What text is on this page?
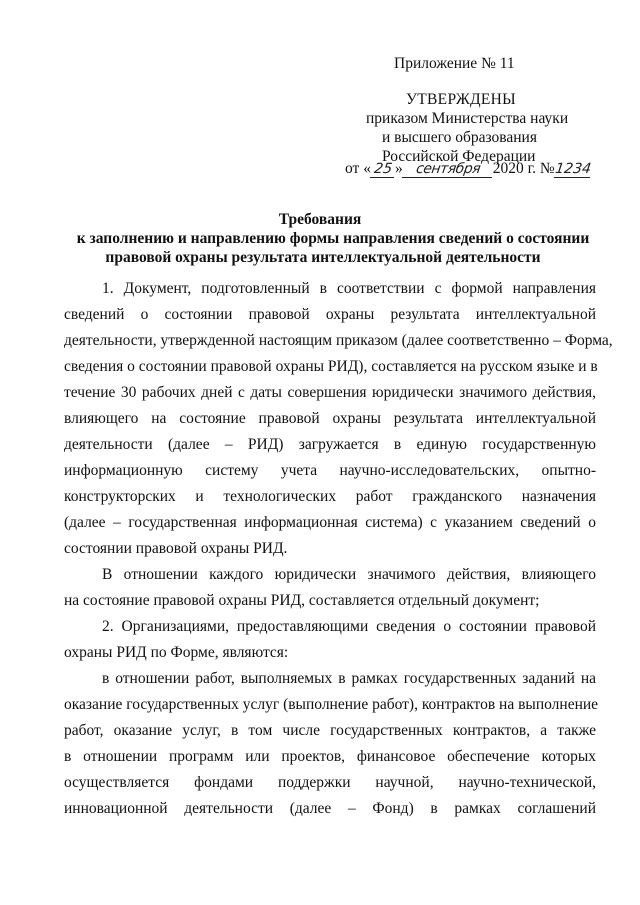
Приложение № 11
УТВЕРЖДЕНЫ
приказом Министерства науки
и высшего образования
Российской Федерации
от « 25 » сентября 2020 г. №1234
Требования
к заполнению и направлению формы направления сведений о состоянии
правовой охраны результата интеллектуальной деятельности
1. Документ, подготовленный в соответствии с формой направления
сведений о состоянии правовой охраны результата интеллектуальной
деятельности, утвержденной настоящим приказом (далее соответственно – Форма,
сведения о состоянии правовой охраны РИД), составляется на русском языке и в
течение 30 рабочих дней с даты совершения юридически значимого действия,
влияющего на состояние правовой охраны результата интеллектуальной
деятельности (далее – РИД) загружается в единую государственную
информационную систему учета научно-исследовательских, опытно-
конструкторских и технологических работ гражданского назначения
(далее – государственная информационная система) с указанием сведений о
состоянии правовой охраны РИД.
В отношении каждого юридически значимого действия, влияющего
на состояние правовой охраны РИД, составляется отдельный документ;
2. Организациями, предоставляющими сведения о состоянии правовой
охраны РИД по Форме, являются:
в отношении работ, выполняемых в рамках государственных заданий на
оказание государственных услуг (выполнение работ), контрактов на выполнение
работ, оказание услуг, в том числе государственных контрактов, а также
в отношении программ или проектов, финансовое обеспечение которых
осуществляется фондами поддержки научной, научно-технической,
инновационной деятельности (далее – Фонд) в рамках соглашений
